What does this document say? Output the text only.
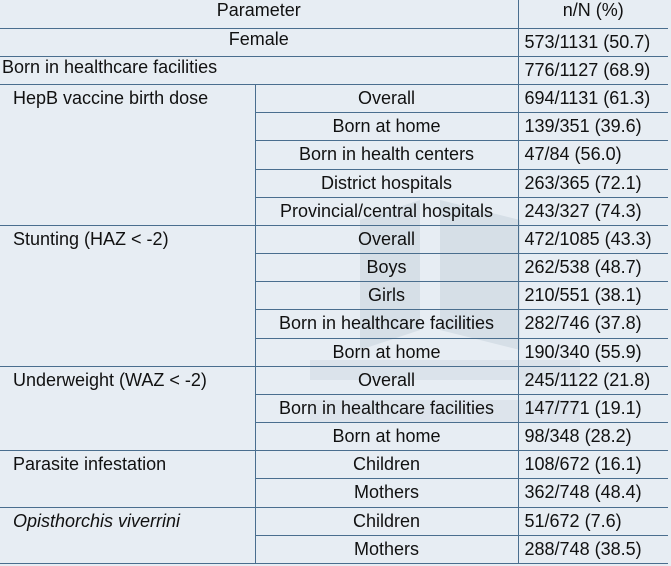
Parameter		n/N (%)
Female		573/1131 (50.7)
Born in healthcare facilities		776/1127 (68.9)
HepB vaccine birth dose	Overall	694/1131 (61.3)
	Born at home	139/351 (39.6)
	Born in health centers	47/84 (56.0)
	District hospitals	263/365 (72.1)
	Provincial/central hospitals	243/327 (74.3)
Stunting (HAZ < -2)	Overall	472/1085 (43.3)
	Boys	262/538 (48.7)
	Girls	210/551 (38.1)
	Born in healthcare facilities	282/746 (37.8)
	Born at home	190/340 (55.9)
Underweight (WAZ < -2)	Overall	245/1122 (21.8)
	Born in healthcare facilities	147/771 (19.1)
	Born at home	98/348 (28.2)
Parasite infestation	Children	108/672 (16.1)
	Mothers	362/748 (48.4)
Opisthorchis viverrini	Children	51/672 (7.6)
	Mothers	288/748 (38.5)
